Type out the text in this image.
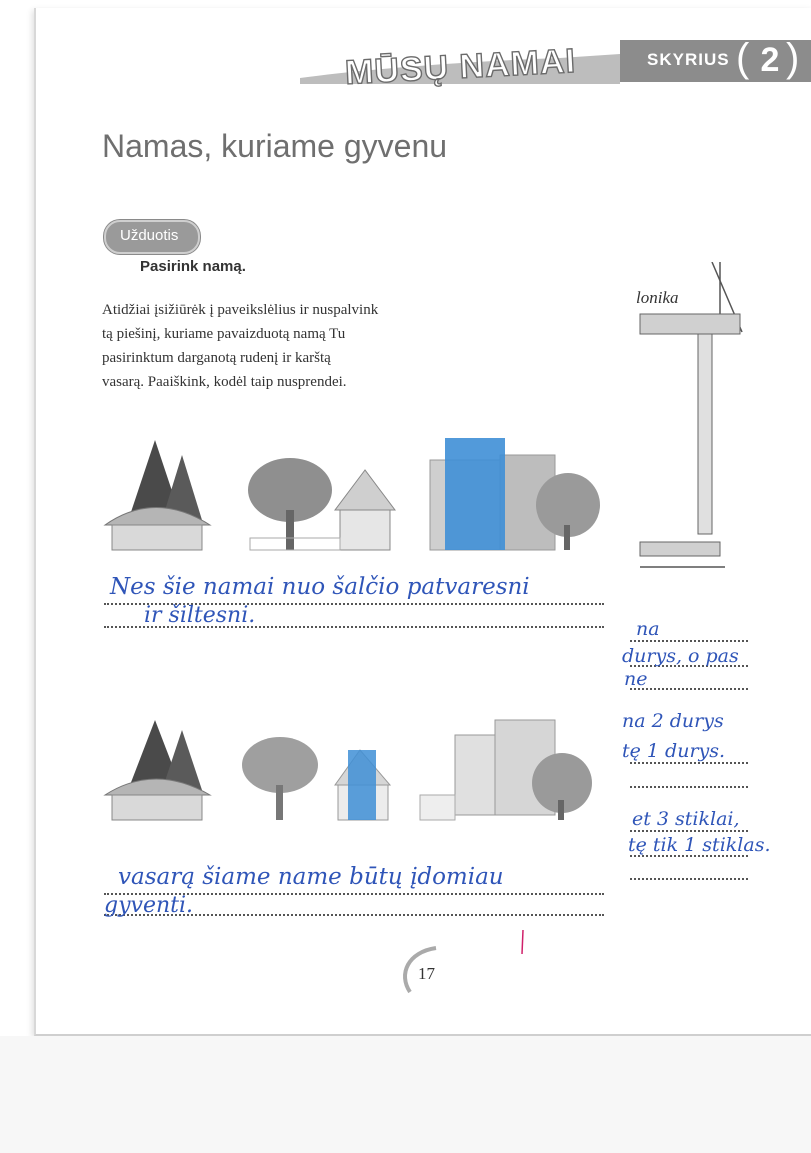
MŪSŲ NAMAI	SKYRIUS ( 2 )
Namas, kuriame gyvenu
Užduotis
Pasirink namą.
Atidžiai įsižiūrėk į paveikslėlius ir nuspalvink
tą piešinį, kuriame pavaizduotą namą Tu
pasirinktum darganotą rudenį ir karštą
vasarą. Paaiškink, kodėl taip nusprendei.
Nes šie namai nuo šalčio patvaresni
ir šiltesni.
vasarą šiame name būtų įdomiau
gyventi.
lonika
na
durys, o pas
ne
na 2 durys
tę 1 durys.
et 3 stiklai,
tę tik 1 stiklas.
17
